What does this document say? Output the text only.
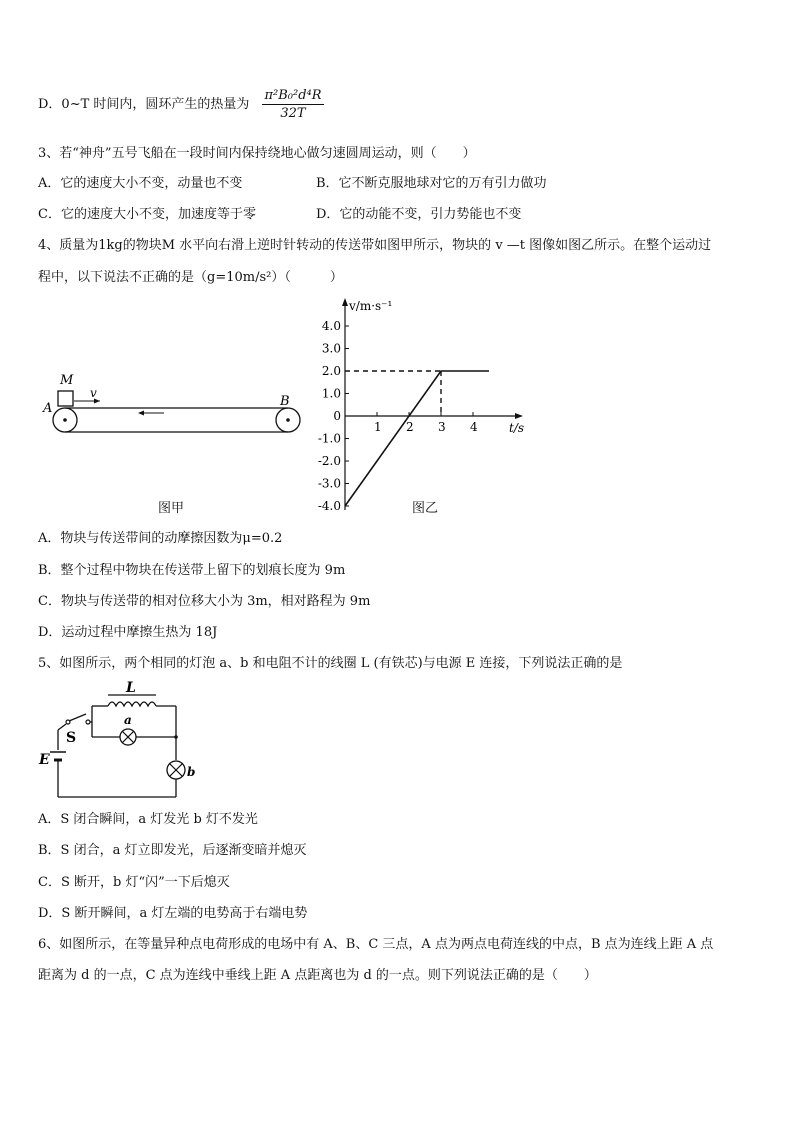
D．0~T 时间内，圆环产生的热量为
π²B₀²d⁴R
32T
3、若“神舟”五号飞船在一段时间内保持绕地心做匀速圆周运动，则（　　）
A．它的速度大小不变，动量也不变	B．它不断克服地球对它的万有引力做功
C．它的速度大小不变，加速度等于零	D．它的动能不变，引力势能也不变
4、质量为1kg的物块M 水平向右滑上逆时针转动的传送带如图甲所示，物块的 v —t 图像如图乙所示。在整个运动过
程中，以下说法不正确的是（g=10m/s²）（　　　）
M
v
A	B
图甲
v/m·s⁻¹
t/s
4.0
3.0
2.0
1.0
0
-1.0
-2.0
-3.0
-4.0
1 2 3 4
图乙
A．物块与传送带间的动摩擦因数为μ=0.2
B．整个过程中物块在传送带上留下的划痕长度为 9m
C．物块与传送带的相对位移大小为 3m，相对路程为 9m
D．运动过程中摩擦生热为 18J
5、如图所示，两个相同的灯泡 a、b 和电阻不计的线圈 L (有铁芯)与电源 E 连接，下列说法正确的是
L
a
S
E
b
A．S 闭合瞬间，a 灯发光 b 灯不发光
B．S 闭合，a 灯立即发光，后逐渐变暗并熄灭
C．S 断开，b 灯“闪”一下后熄灭
D．S 断开瞬间，a 灯左端的电势高于右端电势
6、如图所示，在等量异种点电荷形成的电场中有 A、B、C 三点，A 点为两点电荷连线的中点，B 点为连线上距 A 点
距离为 d 的一点，C 点为连线中垂线上距 A 点距离也为 d 的一点。则下列说法正确的是（　　）
